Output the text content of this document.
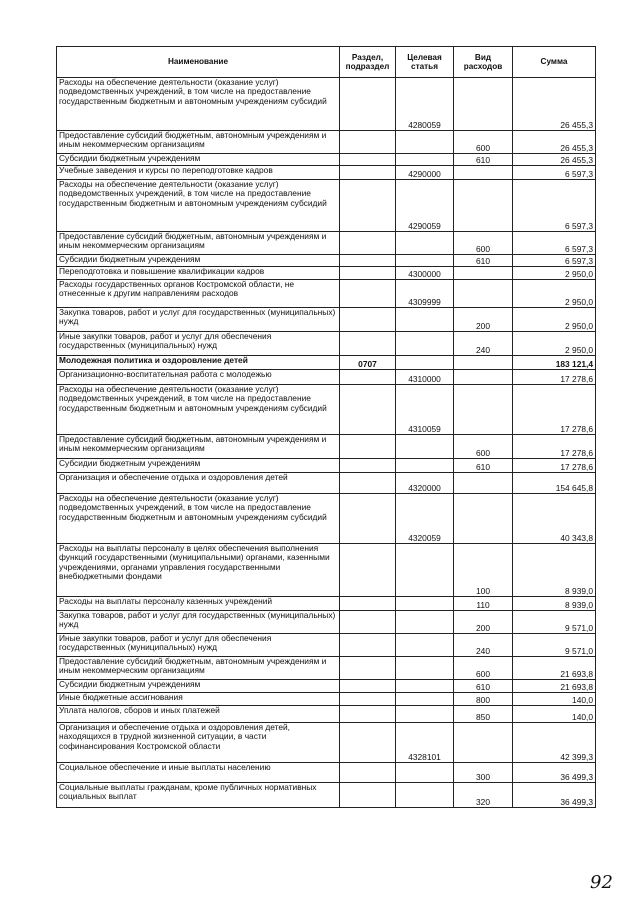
Наименование	Раздел, подраздел	Целевая статья	Вид расходов	Сумма
Расходы на обеспечение деятельности (оказание услуг) подведомственных учреждений, в том числе на предоставление государственным бюджетным и автономным учреждениям субсидий		4280059		26 455,3
Предоставление субсидий бюджетным, автономным учреждениям и иным некоммерческим организациям			600	26 455,3
Субсидии бюджетным учреждениям			610	26 455,3
Учебные заведения и курсы по переподготовке кадров		4290000		6 597,3
Расходы на обеспечение деятельности (оказание услуг) подведомственных учреждений, в том числе на предоставление государственным бюджетным и автономным учреждениям субсидий		4290059		6 597,3
Предоставление субсидий бюджетным, автономным учреждениям и иным некоммерческим организациям			600	6 597,3
Субсидии бюджетным учреждениям			610	6 597,3
Переподготовка и повышение квалификации кадров		4300000		2 950,0
Расходы государственных органов Костромской области, не отнесенные к другим направлениям расходов		4309999		2 950,0
Закупка товаров, работ и услуг для государственных (муниципальных) нужд			200	2 950,0
Иные закупки товаров, работ и услуг для обеспечения государственных (муниципальных) нужд			240	2 950,0
Молодежная политика и оздоровление детей	0707			183 121,4
Организационно-воспитательная работа с молодежью		4310000		17 278,6
Расходы на обеспечение деятельности (оказание услуг) подведомственных учреждений, в том числе на предоставление государственным бюджетным и автономным учреждениям субсидий		4310059		17 278,6
Предоставление субсидий бюджетным, автономным учреждениям и иным некоммерческим организациям			600	17 278,6
Субсидии бюджетным учреждениям			610	17 278,6
Организация и обеспечение отдыха и оздоровления детей		4320000		154 645,8
Расходы на обеспечение деятельности (оказание услуг) подведомственных учреждений, в том числе на предоставление государственным бюджетным и автономным учреждениям субсидий		4320059		40 343,8
Расходы на выплаты персоналу в целях обеспечения выполнения функций государственными (муниципальными) органами, казенными учреждениями, органами управления государственными внебюджетными фондами			100	8 939,0
Расходы на выплаты персоналу казенных учреждений			110	8 939,0
Закупка товаров, работ и услуг для государственных (муниципальных) нужд			200	9 571,0
Иные закупки товаров, работ и услуг для обеспечения государственных (муниципальных) нужд			240	9 571,0
Предоставление субсидий бюджетным, автономным учреждениям и иным некоммерческим организациям			600	21 693,8
Субсидии бюджетным учреждениям			610	21 693,8
Иные бюджетные ассигнования			800	140,0
Уплата налогов, сборов и иных платежей			850	140,0
Организация и обеспечение отдыха и оздоровления детей, находящихся в трудной жизненной ситуации, в части софинансирования Костромской области		4328101		42 399,3
Социальное обеспечение и иные выплаты населению			300	36 499,3
Социальные выплаты гражданам, кроме публичных нормативных социальных выплат			320	36 499,3
92
